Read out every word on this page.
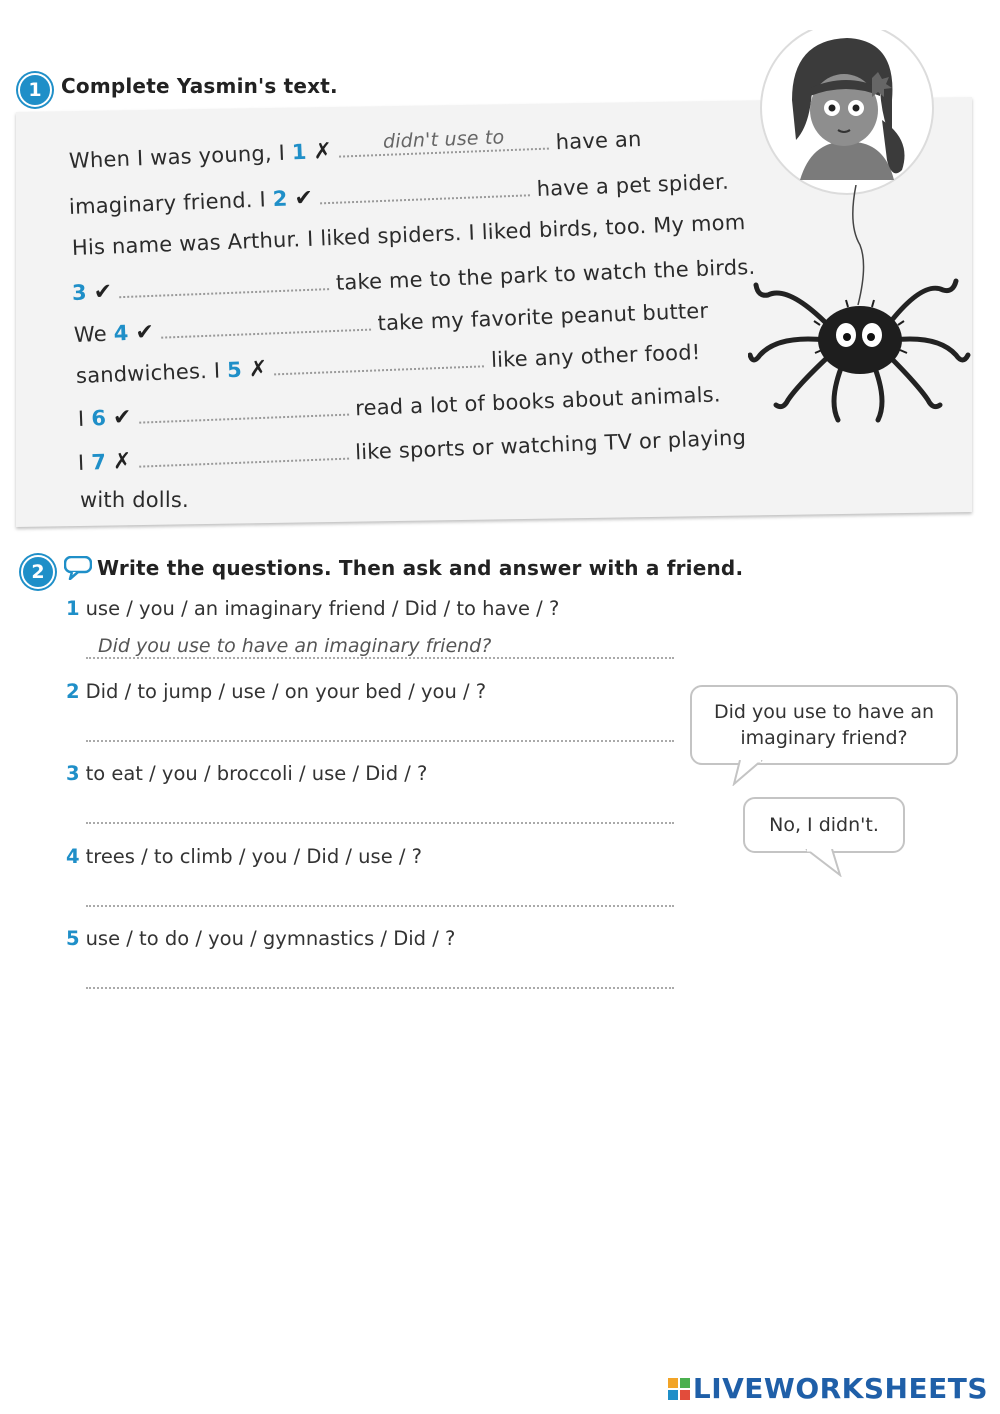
1 Complete Yasmin's text.
When I was young, I 1 ✗	didn't use to	have an
imaginary friend. I 2 ✔	have a pet spider.
His name was Arthur. I liked spiders. I liked birds, too. My mom
3 ✔	take me to the park to watch the birds.
We 4 ✔	take my favorite peanut butter
sandwiches. I 5 ✗	like any other food!
I 6 ✔	read a lot of books about animals.
I 7 ✗	like sports or watching TV or playing
with dolls.
2	Write the questions. Then ask and answer with a friend.
1 use / you / an imaginary friend / Did / to have / ?
Did you use to have an imaginary friend?
2 Did / to jump / use / on your bed / you / ?
3 to eat / you / broccoli / use / Did / ?
4 trees / to climb / you / Did / use / ?
5 use / to do / you / gymnastics / Did / ?
Did you use to have an
imaginary friend?
No, I didn't.
LIVEWORKSHEETS
